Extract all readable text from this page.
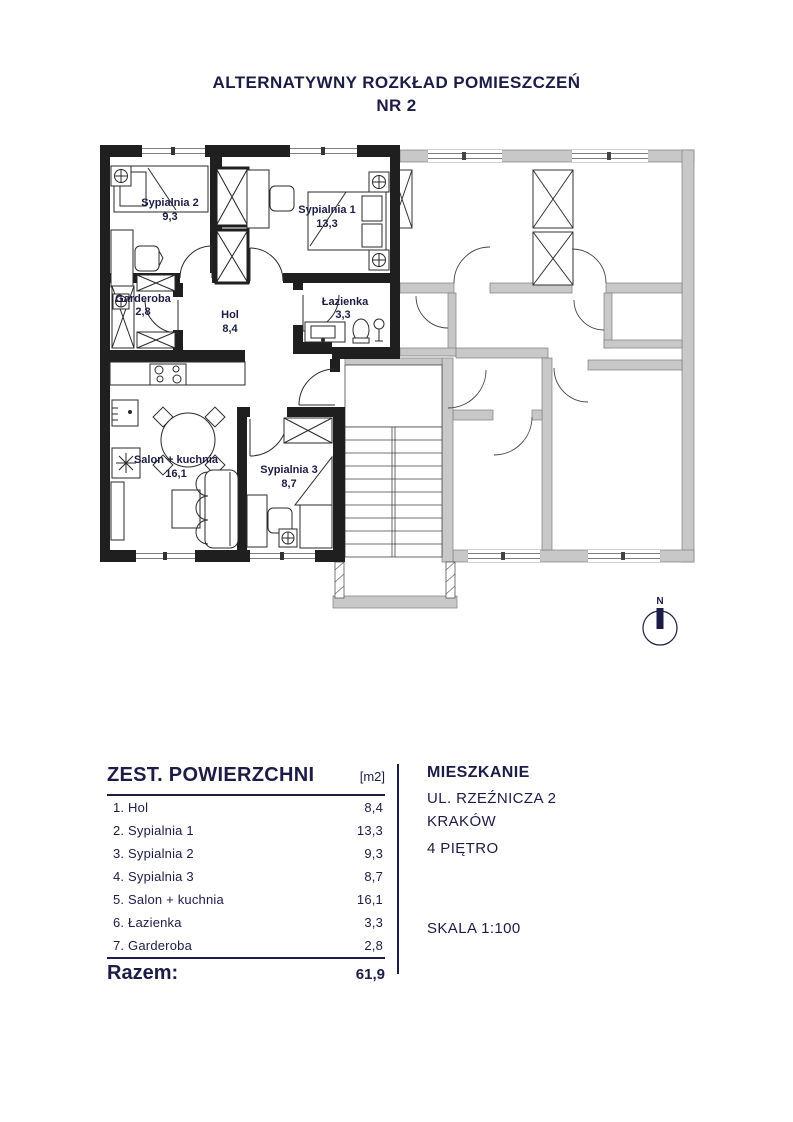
ALTERNATYWNY ROZKŁAD POMIESZCZEŃ
NR 2
Sypialnia 2
9,3
Sypialnia 1
13,3
Garderoba
2,8	Hol
8,4
Łazienka
3,3
Salon + kuchnia
16,1	Sypialnia 3
8,7
N
ZEST. POWIERZCHNI	[m2]
1. Hol	8,4
2. Sypialnia 1	13,3
3. Sypialnia 2	9,3
4. Sypialnia 3	8,7
5. Salon + kuchnia	16,1
6. Łazienka	3,3
7. Garderoba	2,8
Razem:	61,9
MIESZKANIE
UL. RZEŹNICZA 2
KRAKÓW
4 PIĘTRO
SKALA 1:100
